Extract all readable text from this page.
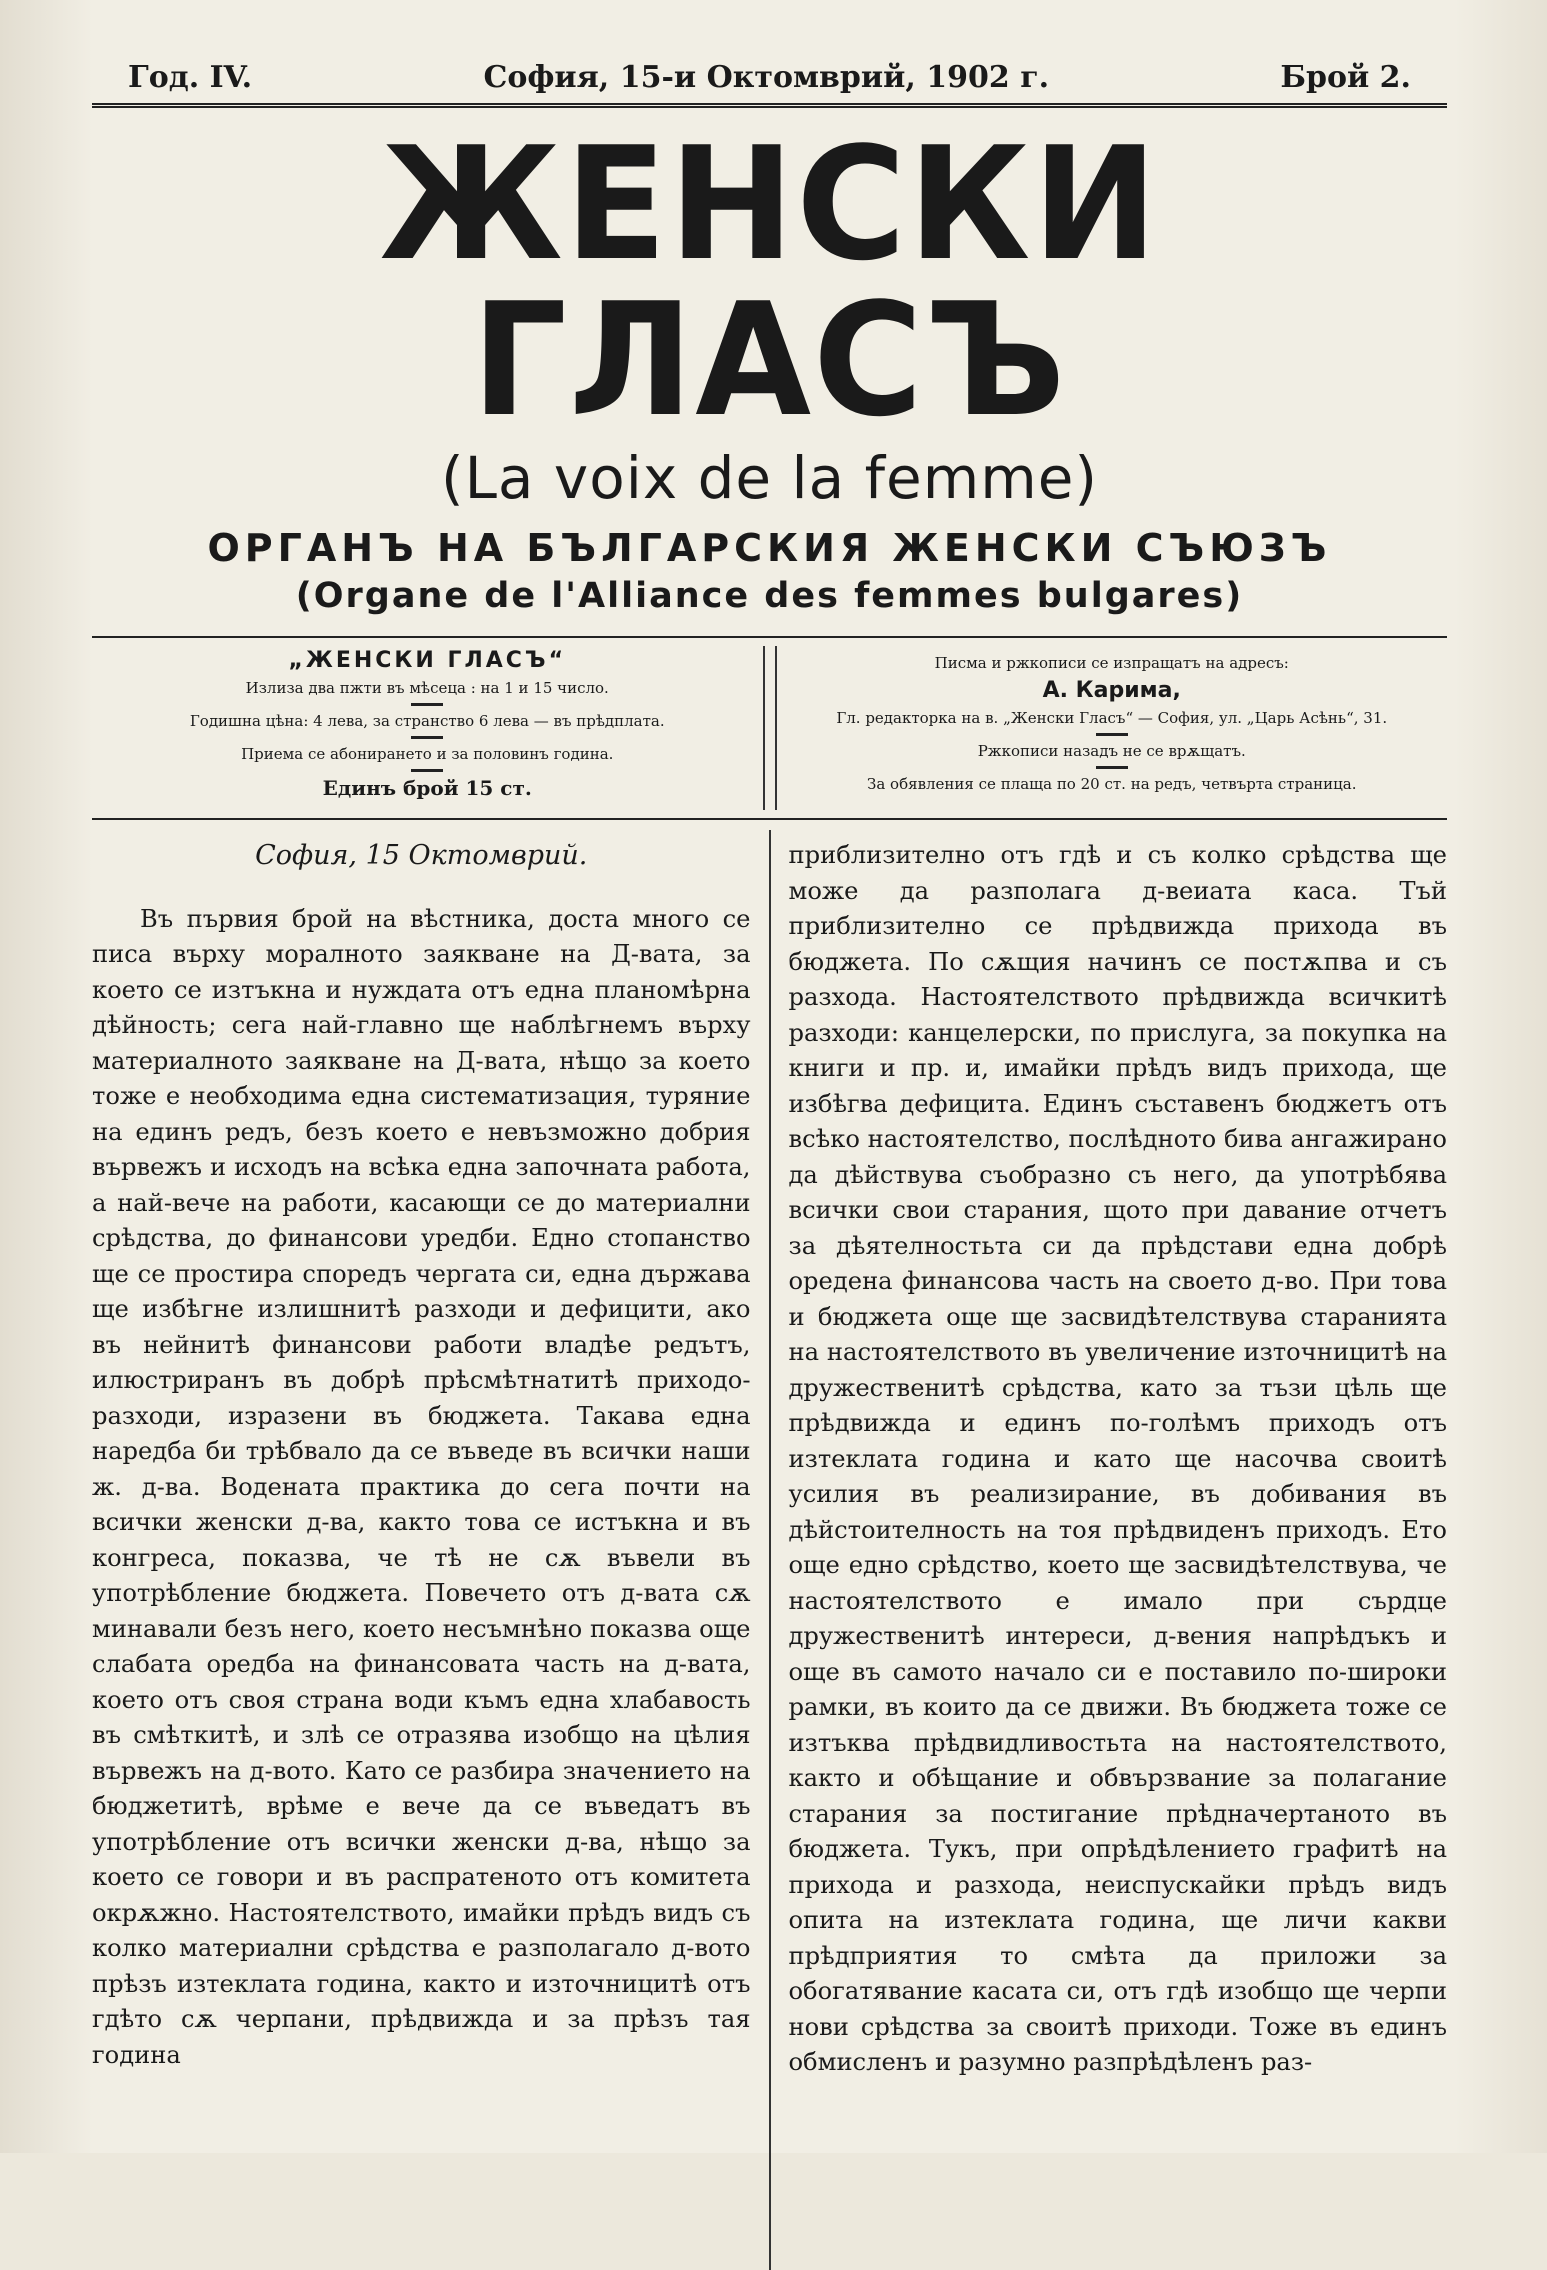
Год. IV.	София, 15-и Октомврий, 1902 г.	Брой 2.
ЖЕНСКИ ГЛАСЪ
(La voix de la femme)
ОРГАНЪ НА БЪЛГАРСКИЯ ЖЕНСКИ СЪЮЗЪ
(Organe de l'Alliance des femmes bulgares)
„ЖЕНСКИ ГЛАСЪ“

Излиза два пжти въ мѣсеца : на 1 и 15 число.

Годишна цѣна: 4 лева, за странство 6 лева — въ прѣдплата.

Приема се абонирането и за половинъ година.

Единъ брой 15 ст.

Писма и ржкописи се изпращатъ на адресъ:

А. Карима,

Гл. редакторка на в. „Женски Гласъ“ — София, ул. „Царь Асѣнь“, 31.

Ржкописи назадъ не се врѫщатъ.

За обявления се плаща по 20 ст. на редъ, четвърта страница.

София, 15 Октомврий.

Въ първия брой на вѣстника, доста много се писа върху моралното заякване на Д-вата, за което се изтъкна и нуждата отъ една планомѣрна дѣйность; сега най-главно ще наблѣгнемъ върху материалното заякване на Д-вата, нѣщо за което тоже е необходима една систематизация, туряние на единъ редъ, безъ което е невъзможно добрия вървежъ и исходъ на всѣка една започната работа, а най-вече на работи, касающи се до материални срѣдства, до финансови уредби. Едно стопанство ще се простира споредъ чергата си, една държава ще избѣгне излишнитѣ разходи и дефицити, ако въ нейнитѣ финансови работи владѣе редътъ, илюстриранъ въ добрѣ прѣсмѣтнатитѣ приходо-разходи, изразени въ бюджета. Такава една наредба би трѣбвало да се въведе въ всички наши ж. д-ва. Воденатa практика до сега почти на всички женски д-ва, както това се истъкна и въ конгреса, показва, че тѣ не сѫ въвели въ употрѣбление бюджета. Повечето отъ д-вата сѫ минавали безъ него, което несъмнѣно показва още слабата оредба на финансовата часть на д-вата, което отъ своя страна води къмъ една хлабавость въ смѣткитѣ, и злѣ се отразява изобщо на цѣлия вървежъ на д-вото. Като се разбира значението на бюджетитѣ, врѣме е вече да се въведатъ въ употрѣбление отъ всички женски д-ва, нѣщо за което се говори и въ распратеното отъ комитета окрѫжно. Настоятелството, имайки прѣдъ видъ съ колко материални срѣдства е разполагало д-вото прѣзъ изтеклата година, както и източницитѣ отъ гдѣто сѫ черпани, прѣдвижда и за прѣзъ тая година

приблизително отъ гдѣ и съ колко срѣдства ще може да разполага д-веиата каса. Тъй приблизително се прѣдвижда прихода въ бюджета. По сѫщия начинъ се постѫпва и съ разхода. Настоятелството прѣдвижда всичкитѣ разходи: канцелерски, по прислуга, за покупка на книги и пр. и, имайки прѣдъ видъ прихода, ще избѣгва дефицита. Единъ съставенъ бюджетъ отъ всѣко настоятелство, послѣдното бива ангажирано да дѣйствува съобразно съ него, да употрѣбява всички свои старания, щото при давание отчетъ за дѣятелностьта си да прѣдстави една добрѣ оредена финансова часть на своето д-во. При това и бюджета още ще засвидѣтелствува стаpанията на настоятелството въ увеличение източницитѣ на дружественитѣ срѣдства, като за тъзи цѣль ще прѣдвижда и единъ по-голѣмъ приходъ отъ изтеклата година и като ще насочва своитѣ усилия въ реализирание, въ добивания въ дѣйстоителность на тоя прѣдвиденъ приходъ. Ето още едно срѣдство, което ще засвидѣтелствува, че настоятелството е имало при сърдце дружественитѣ интереси, д-вения напрѣдъкъ и още въ самото начало си е поставило по-широки рамки, въ които да се движи. Въ бюджета тоже се изтъква прѣдвидливостьта на настоятелството, както и обѣщание и обвързвание за полагание старания за постигание прѣдначертаното въ бюджета. Тукъ, при опрѣдѣлението графитѣ на прихода и разхода, неиспускайки прѣдъ видъ опита на изтеклата година, ще личи какви прѣдприятия то смѣта да приложи за обогатявание касата си, отъ гдѣ изобщо ще черпи нови срѣдства за своитѣ приходи. Тоже въ единъ обмисленъ и разумно разпрѣдѣленъ раз-
